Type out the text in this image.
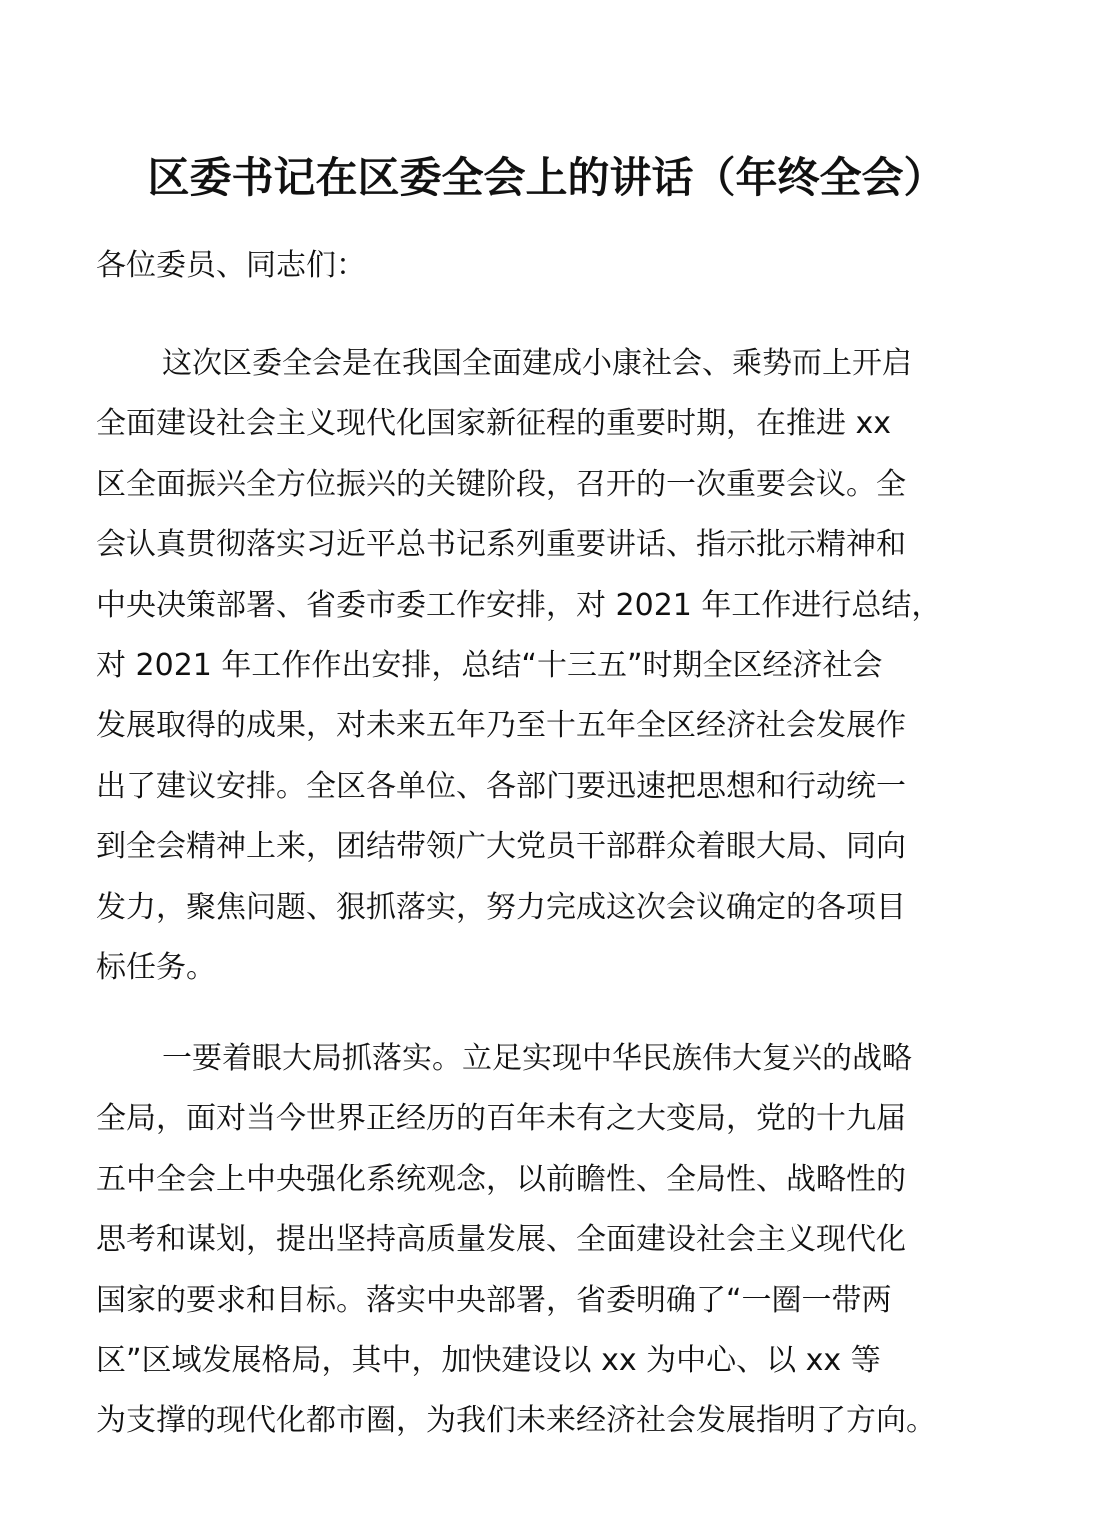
区委书记在区委全会上的讲话（年终全会）
各位委员、同志们：
这次区委全会是在我国全面建成小康社会、乘势而上开启
全面建设社会主义现代化国家新征程的重要时期，在推进 xx
区全面振兴全方位振兴的关键阶段，召开的一次重要会议。全
会认真贯彻落实习近平总书记系列重要讲话、指示批示精神和
中央决策部署、省委市委工作安排，对 2021 年工作进行总结，
对 2021 年工作作出安排，总结“十三五”时期全区经济社会
发展取得的成果，对未来五年乃至十五年全区经济社会发展作
出了建议安排。全区各单位、各部门要迅速把思想和行动统一
到全会精神上来，团结带领广大党员干部群众着眼大局、同向
发力，聚焦问题、狠抓落实，努力完成这次会议确定的各项目
标任务。
一要着眼大局抓落实。立足实现中华民族伟大复兴的战略
全局，面对当今世界正经历的百年未有之大变局，党的十九届
五中全会上中央强化系统观念，以前瞻性、全局性、战略性的
思考和谋划，提出坚持高质量发展、全面建设社会主义现代化
国家的要求和目标。落实中央部署，省委明确了“一圈一带两
区”区域发展格局，其中，加快建设以 xx 为中心、以 xx 等
为支撑的现代化都市圈，为我们未来经济社会发展指明了方向。
